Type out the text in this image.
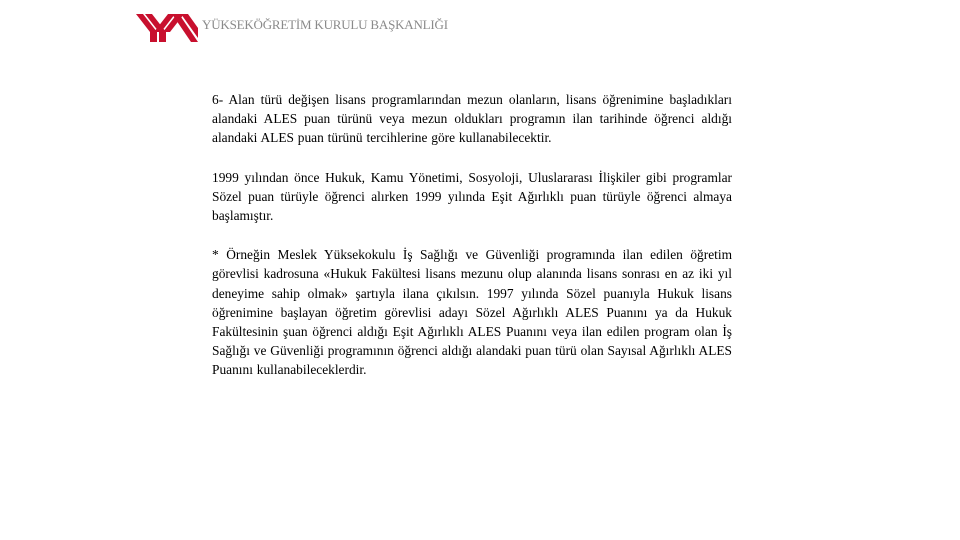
YÜKSEKÖĞRETİM KURULU BAŞKANLIĞI

6- Alan türü değişen lisans programlarından mezun olanların, lisans öğrenimine başladıkları alandaki ALES puan türünü veya mezun oldukları programın ilan tarihinde öğrenci aldığı alandaki ALES puan türünü tercihlerine göre kullanabilecektir.

1999 yılından önce Hukuk, Kamu Yönetimi, Sosyoloji, Uluslararası İlişkiler gibi programlar Sözel puan türüyle öğrenci alırken 1999 yılında Eşit Ağırlıklı puan türüyle öğrenci almaya başlamıştır.

* Örneğin Meslek Yüksekokulu İş Sağlığı ve Güvenliği programında ilan edilen öğretim görevlisi kadrosuna «Hukuk Fakültesi lisans mezunu olup alanında lisans sonrası en az iki yıl deneyime sahip olmak» şartıyla ilana çıkılsın. 1997 yılında Sözel puanıyla Hukuk lisans öğrenimine başlayan öğretim görevlisi adayı Sözel Ağırlıklı ALES Puanını ya da Hukuk Fakültesinin şuan öğrenci aldığı Eşit Ağırlıklı ALES Puanını veya ilan edilen program olan İş Sağlığı ve Güvenliği programının öğrenci aldığı alandaki puan türü olan Sayısal Ağırlıklı ALES Puanını kullanabileceklerdir.
